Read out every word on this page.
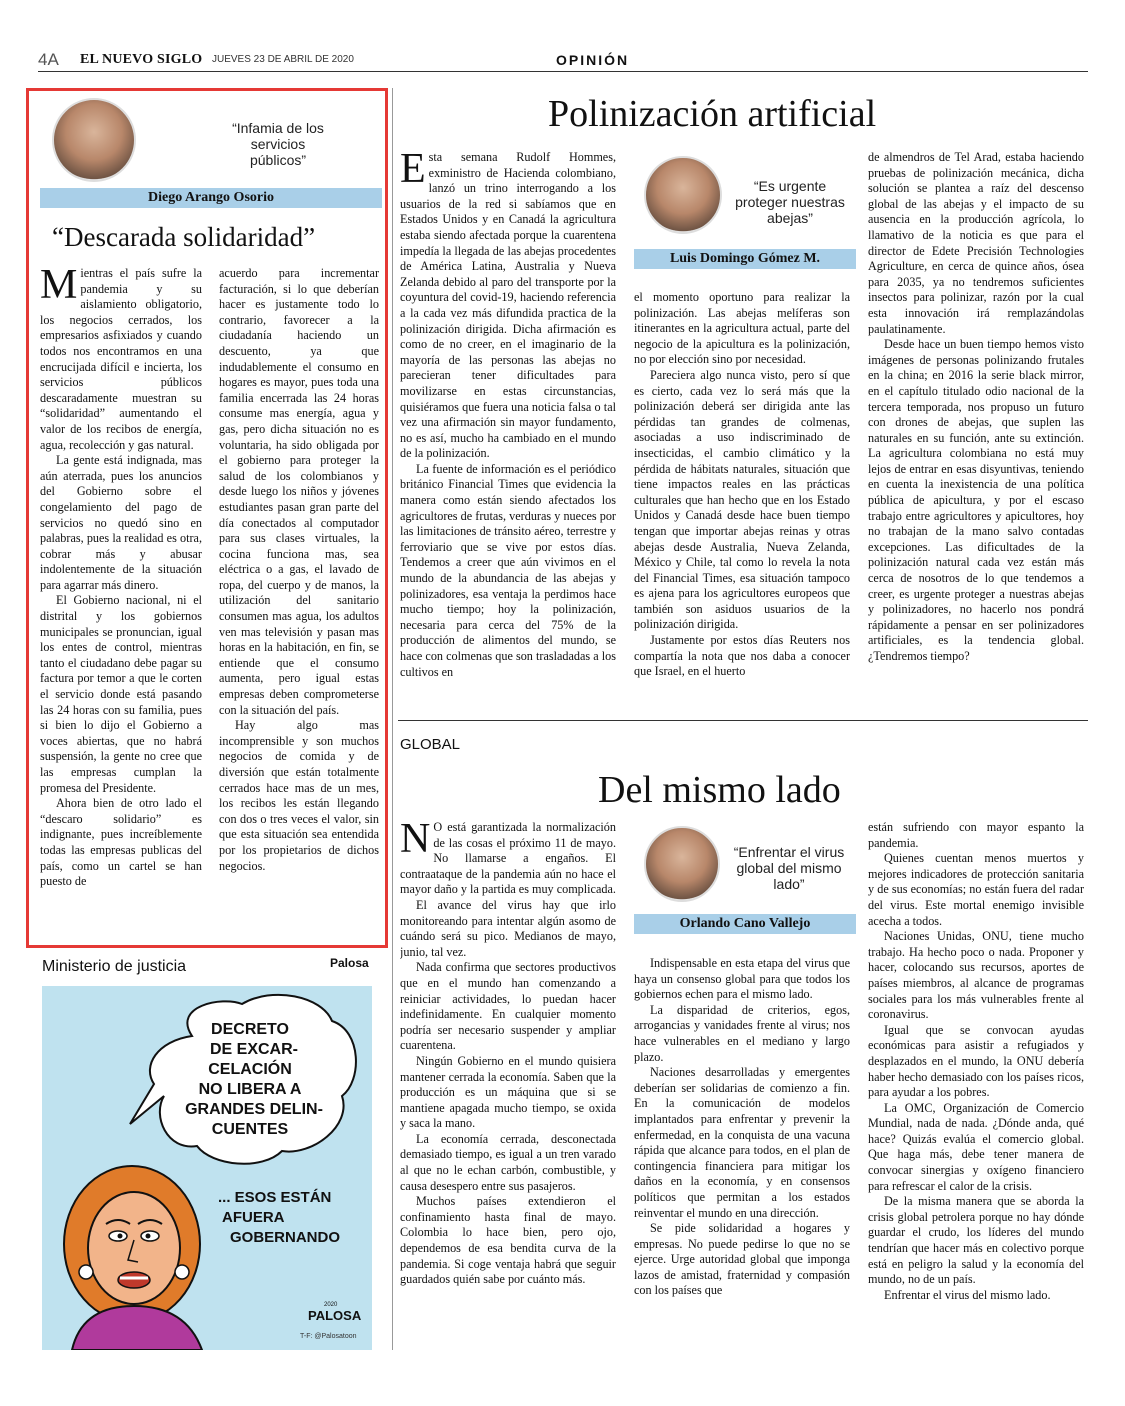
4A EL NUEVO SIGLO JUEVES 23 DE ABRIL DE 2020	OPINIÓN
“Infamia de los servicios públicos”
Diego Arango Osorio
“Descarada solidaridad”

Mientras el país sufre la pandemia y su aislamiento obligatorio, los negocios cerrados, los empresarios asfixiados y cuando todos nos encontramos en una encrucijada difícil e incierta, los servicios públicos descaradamente muestran su “solidaridad” aumentando el valor de los recibos de energía, agua, recolección y gas natural.

La gente está indignada, mas aún aterrada, pues los anuncios del Gobierno sobre el congelamiento del pago de servicios no quedó sino en palabras, pues la realidad es otra, cobrar más y abusar indolentemente de la situación para agarrar más dinero.

El Gobierno nacional, ni el distrital y los gobiernos municipales se pronuncian, igual los entes de control, mientras tanto el ciudadano debe pagar su factura por temor a que le corten el servicio donde está pasando las 24 horas con su familia, pues si bien lo dijo el Gobierno a voces abiertas, que no habrá suspensión, la gente no cree que las empresas cumplan la promesa del Presidente.

Ahora bien de otro lado el “descaro solidario” es indignante, pues increíblemente todas las empresas publicas del país, como un cartel se han puesto de

acuerdo para incrementar facturación, si lo que deberían hacer es justamente todo lo contrario, favorecer a la ciudadanía haciendo un descuento, ya que indudablemente el consumo en hogares es mayor, pues toda una familia encerrada las 24 horas consume mas energía, agua y gas, pero dicha situación no es voluntaria, ha sido obligada por el gobierno para proteger la salud de los colombianos y desde luego los niños y jóvenes estudiantes pasan gran parte del día conectados al computador para sus clases virtuales, la cocina funciona mas, sea eléctrica o a gas, el lavado de ropa, del cuerpo y de manos, la utilización del sanitario consumen mas agua, los adultos ven mas televisión y pasan mas horas en la habitación, en fin, se entiende que el consumo aumenta, pero igual estas empresas deben comprometerse con la situación del país.

Hay algo mas incomprensible y son muchos negocios de comida y de diversión que están totalmente cerrados hace mas de un mes, los recibos les están llegando con dos o tres veces el valor, sin que esta situación sea entendida por los propietarios de dichos negocios.

Ministerio de justicia	Palosa
DECRETO
DE EXCAR-
CELACIÓN
NO LIBERA A
GRANDES DELIN-
CUENTES
... ESOS ESTÁN
AFUERA
GOBERNANDO
2020
PALOSA
T-F: @Palosatoon
Polinización artificial

Esta semana Rudolf Hommes, exministro de Hacienda colombiano, lanzó un trino interrogando a los usuarios de la red si sabíamos que en Estados Unidos y en Canadá la agricultura estaba siendo afectada porque la cuarentena impedía la llegada de las abejas procedentes de América Latina, Australia y Nueva Zelanda debido al paro del transporte por la coyuntura del covid-19, haciendo referencia a la cada vez más difundida practica de la polinización dirigida. Dicha afirmación es como de no creer, en el imaginario de la mayoría de las personas las abejas no parecieran tener dificultades para movilizarse en estas circunstancias, quisiéramos que fuera una noticia falsa o tal vez una afirmación sin mayor fundamento, no es así, mucho ha cambiado en el mundo de la polinización.

La fuente de información es el periódico británico Financial Times que evidencia la manera como están siendo afectados los agricultores de frutas, verduras y nueces por las limitaciones de tránsito aéreo, terrestre y ferroviario que se vive por estos días. Tendemos a creer que aún vivimos en el mundo de la abundancia de las abejas y polinizadores, esa ventaja la perdimos hace mucho tiempo; hoy la polinización, necesaria para cerca del 75% de la producción de alimentos del mundo, se hace con colmenas que son trasladadas a los cultivos en

“Es urgente proteger nuestras abejas”
Luis Domingo Gómez M.

el momento oportuno para realizar la polinización. Las abejas melíferas son itinerantes en la agricultura actual, parte del negocio de la apicultura es la polinización, no por elección sino por necesidad.

Pareciera algo nunca visto, pero sí que es cierto, cada vez lo será más que la polinización deberá ser dirigida ante las pérdidas tan grandes de colmenas, asociadas a uso indiscriminado de insecticidas, el cambio climático y la pérdida de hábitats naturales, situación que tiene impactos reales en las prácticas culturales que han hecho que en los Estado Unidos y Canadá desde hace buen tiempo tengan que importar abejas reinas y otras abejas desde Australia, Nueva Zelanda, México y Chile, tal como lo revela la nota del Financial Times, esa situación tampoco es ajena para los agricultores europeos que también son asiduos usuarios de la polinización dirigida.

Justamente por estos días Reuters nos compartía la nota que nos daba a conocer que Israel, en el huerto

de almendros de Tel Arad, estaba haciendo pruebas de polinización mecánica, dicha solución se plantea a raíz del descenso global de las abejas y el impacto de su ausencia en la producción agrícola, lo llamativo de la noticia es que para el director de Edete Precisión Technologies Agriculture, en cerca de quince años, ósea para 2035, ya no tendremos suficientes insectos para polinizar, razón por la cual esta innovación irá remplazándolas paulatinamente.

Desde hace un buen tiempo hemos visto imágenes de personas polinizando frutales en la china; en 2016 la serie black mirror, en el capítulo titulado odio nacional de la tercera temporada, nos propuso un futuro con drones de abejas, que suplen las naturales en su función, ante su extinción. La agricultura colombiana no está muy lejos de entrar en esas disyuntivas, teniendo en cuenta la inexistencia de una política pública de apicultura, y por el escaso trabajo entre agricultores y apicultores, hoy no trabajan de la mano salvo contadas excepciones. Las dificultades de la polinización natural cada vez están más cerca de nosotros de lo que tendemos a creer, es urgente proteger a nuestras abejas y polinizadores, no hacerlo nos pondrá rápidamente a pensar en ser polinizadores artificiales, es la tendencia global. ¿Tendremos tiempo?

GLOBAL
Del mismo lado

N O está garantizada la normalización de las cosas el próximo 11 de mayo. No llamarse a engaños. El contraataque de la pandemia aún no hace el mayor daño y la partida es muy complicada.

El avance del virus hay que irlo monitoreando para intentar algún asomo de cuándo será su pico. Medianos de mayo, junio, tal vez.

Nada confirma que sectores productivos que en el mundo han comenzando a reiniciar actividades, lo puedan hacer indefinidamente. En cualquier momento podría ser necesario suspender y ampliar cuarentena.

Ningún Gobierno en el mundo quisiera mantener cerrada la economía. Saben que la producción es un máquina que si se mantiene apagada mucho tiempo, se oxida y saca la mano.

La economía cerrada, desconectada demasiado tiempo, es igual a un tren varado al que no le echan carbón, combustible, y causa desespero entre sus pasajeros.

Muchos países extendieron el confinamiento hasta final de mayo. Colombia lo hace bien, pero ojo, dependemos de esa bendita curva de la pandemia. Si coge ventaja habrá que seguir guardados quién sabe por cuánto más.

“Enfrentar el virus global del mismo lado”
Orlando Cano Vallejo

Indispensable en esta etapa del virus que haya un consenso global para que todos los gobiernos echen para el mismo lado.

La disparidad de criterios, egos, arrogancias y vanidades frente al virus; nos hace vulnerables en el mediano y largo plazo.

Naciones desarrolladas y emergentes deberían ser solidarias de comienzo a fin. En la comunicación de modelos implantados para enfrentar y prevenir la enfermedad, en la conquista de una vacuna rápida que alcance para todos, en el plan de contingencia financiera para mitigar los daños en la economía, y en consensos políticos que permitan a los estados reinventar el mundo en una dirección.

Se pide solidaridad a hogares y empresas. No puede pedirse lo que no se ejerce. Urge autoridad global que imponga lazos de amistad, fraternidad y compasión con los países que

están sufriendo con mayor espanto la pandemia.

Quienes cuentan menos muertos y mejores indicadores de protección sanitaria y de sus economías; no están fuera del radar del virus. Este mortal enemigo invisible acecha a todos.

Naciones Unidas, ONU, tiene mucho trabajo. Ha hecho poco o nada. Proponer y hacer, colocando sus recursos, aportes de países miembros, al alcance de programas sociales para los más vulnerables frente al coronavirus.

Igual que se convocan ayudas económicas para asistir a refugiados y desplazados en el mundo, la ONU debería haber hecho demasiado con los países ricos, para ayudar a los pobres.

La OMC, Organización de Comercio Mundial, nada de nada. ¿Dónde anda, qué hace? Quizás evalúa el comercio global. Que haga más, debe tener manera de convocar sinergias y oxígeno financiero para refrescar el calor de la crisis.

De la misma manera que se aborda la crisis global petrolera porque no hay dónde guardar el crudo, los líderes del mundo tendrían que hacer más en colectivo porque está en peligro la salud y la economía del mundo, no de un país.

Enfrentar el virus del mismo lado.
